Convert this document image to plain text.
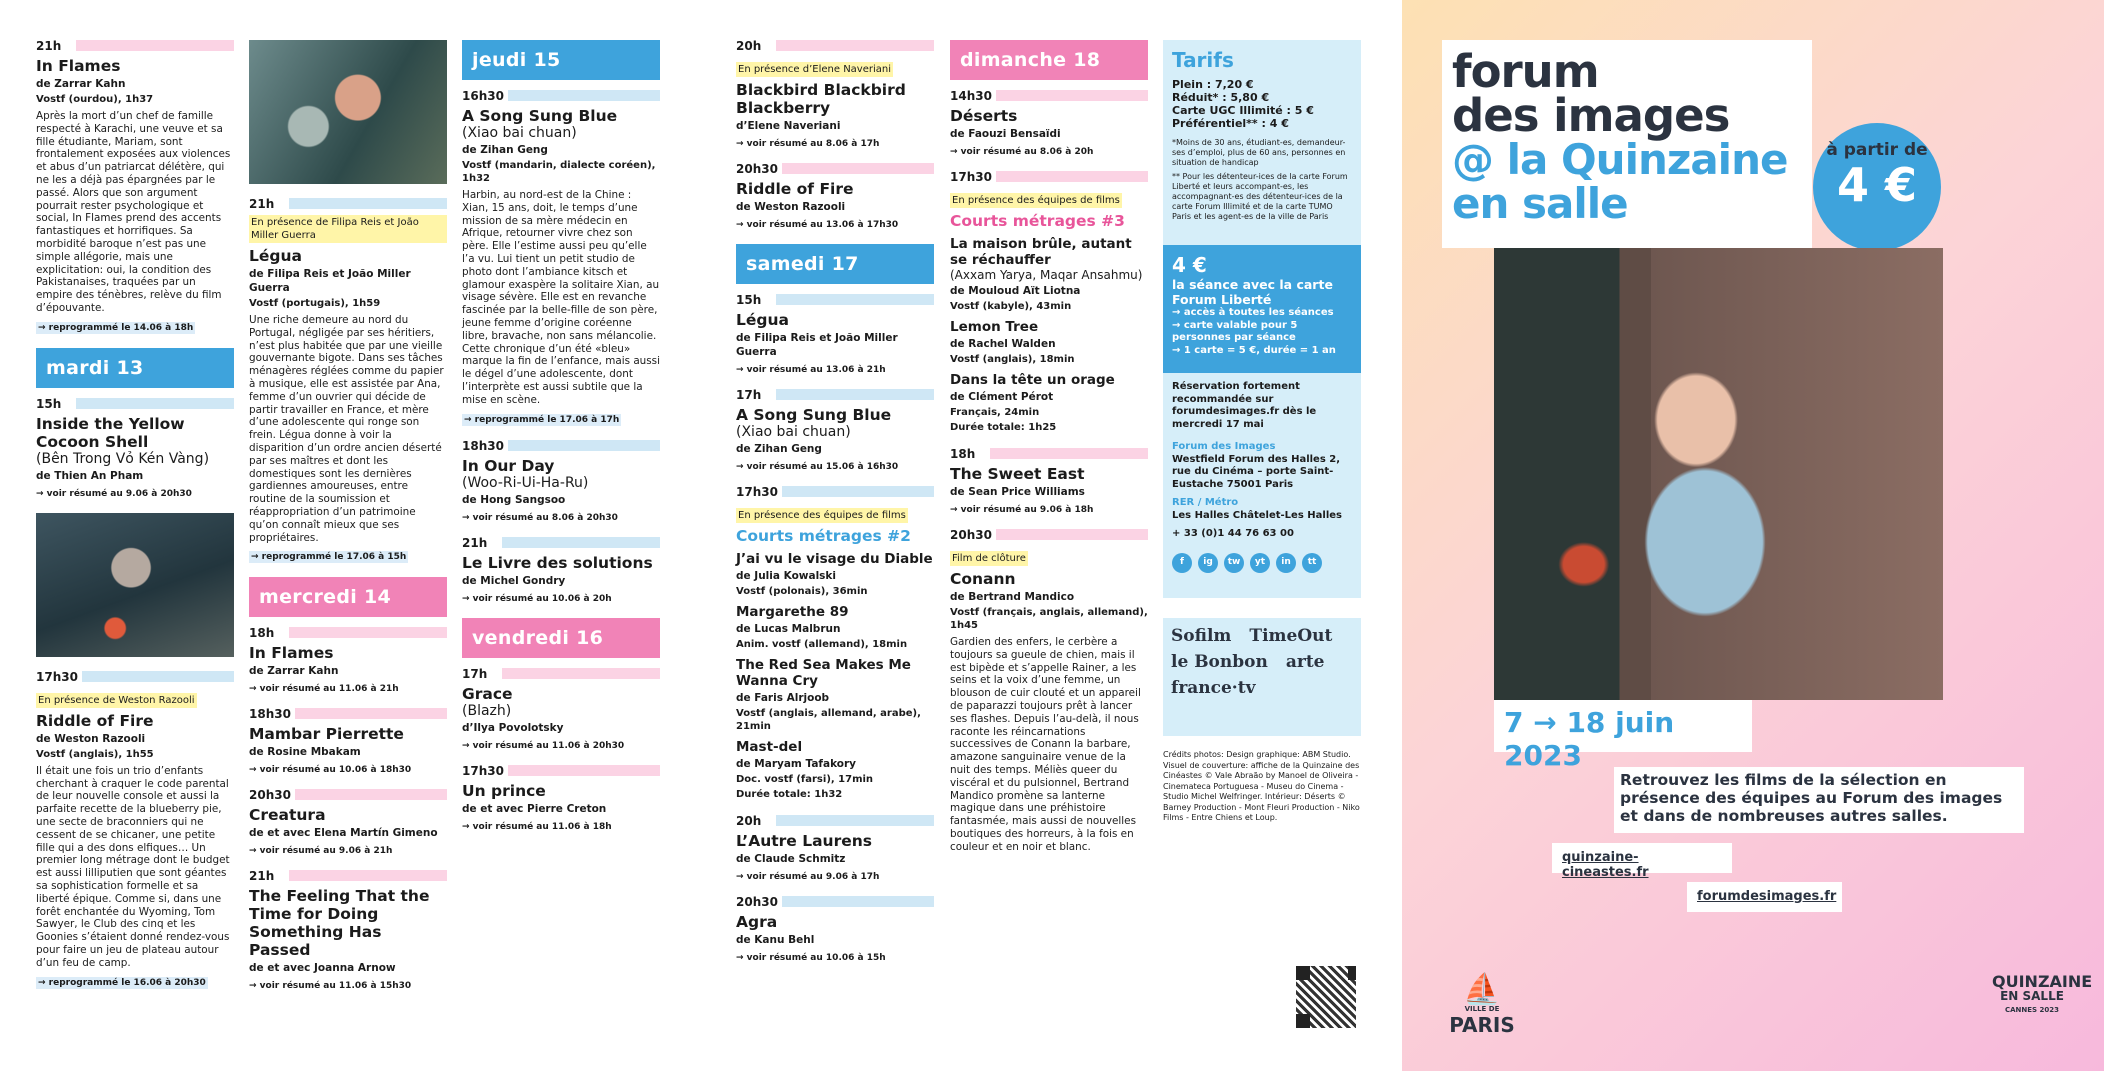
21h
In Flames
de Zarrar Kahn
Vostf (ourdou), 1h37
Après la mort d’un chef de famille respecté à Karachi, une veuve et sa fille étudiante, Mariam, sont frontalement exposées aux violences et abus d’un patriarcat délétère, qui ne les a déjà pas épargnées par le passé. Alors que son argument pourrait rester psychologique et social, In Flames prend des accents fantastiques et horrifiques. Sa morbidité baroque n’est pas une simple allégorie, mais une explicitation: oui, la condition des Pakistanaises, traquées par un empire des ténèbres, relève du film d’épouvante.
→ reprogrammé le 14.06 à 18h
mardi 13
15h
Inside the Yellow Cocoon Shell
(Bên Trong Vỏ Kén Vàng)
de Thien An Pham
→ voir résumé au 9.06 à 20h30
17h30
En présence de Weston Razooli
Riddle of Fire
de Weston Razooli
Vostf (anglais), 1h55
Il était une fois un trio d’enfants cherchant à craquer le code parental de leur nouvelle console et aussi la parfaite recette de la blueberry pie, une secte de braconniers qui ne cessent de se chicaner, une petite fille qui a des dons elfiques… Un premier long métrage dont le budget est aussi lilliputien que sont géantes sa sophistication formelle et sa liberté épique. Comme si, dans une forêt enchantée du Wyoming, Tom Sawyer, le Club des cinq et les Goonies s’étaient donné rendez-vous pour faire un jeu de plateau autour d’un feu de camp.
→ reprogrammé le 16.06 à 20h30
21h
En présence de Filipa Reis et João Miller Guerra
Légua
de Filipa Reis et João Miller Guerra
Vostf (portugais), 1h59
Une riche demeure au nord du Portugal, négligée par ses héritiers, n’est plus habitée que par une vieille gouvernante bigote. Dans ses tâches ménagères réglées comme du papier à musique, elle est assistée par Ana, femme d’un ouvrier qui décide de partir travailler en France, et mère d’une adolescente qui ronge son frein. Légua donne à voir la disparition d’un ordre ancien déserté par ses maîtres et dont les domestiques sont les dernières gardiennes amoureuses, entre routine de la soumission et réappropriation d’un patrimoine qu’on connaît mieux que ses propriétaires.
→ reprogrammé le 17.06 à 15h
mercredi 14
18h
In Flames
de Zarrar Kahn
→ voir résumé au 11.06 à 21h
18h30
Mambar Pierrette
de Rosine Mbakam
→ voir résumé au 10.06 à 18h30
20h30
Creatura
de et avec Elena Martín Gimeno
→ voir résumé au 9.06 à 21h
21h
The Feeling That the Time for Doing Something Has Passed
de et avec Joanna Arnow
→ voir résumé au 11.06 à 15h30
jeudi 15
16h30
A Song Sung Blue
(Xiao bai chuan)
de Zihan Geng
Vostf (mandarin, dialecte coréen), 1h32
Harbin, au nord-est de la Chine : Xian, 15 ans, doit, le temps d’une mission de sa mère médecin en Afrique, retourner vivre chez son père. Elle l’estime aussi peu qu’elle l’a vu. Lui tient un petit studio de photo dont l’ambiance kitsch et glamour exaspère la solitaire Xian, au visage sévère. Elle est en revanche fascinée par la belle-fille de son père, jeune femme d’origine coréenne libre, bravache, non sans mélancolie. Cette chronique d’un été «bleu» marque la fin de l’enfance, mais aussi le dégel d’une adolescente, dont l’interprète est aussi subtile que la mise en scène.
→ reprogrammé le 17.06 à 17h
18h30
In Our Day
(Woo-Ri-Ui-Ha-Ru)
de Hong Sangsoo
→ voir résumé au 8.06 à 20h30
21h
Le Livre des solutions
de Michel Gondry
→ voir résumé au 10.06 à 20h
vendredi 16
17h
Grace
(Blazh)
d’Ilya Povolotsky
→ voir résumé au 11.06 à 20h30
17h30
Un prince
de et avec Pierre Creton
→ voir résumé au 11.06 à 18h
20h
En présence d’Elene Naveriani
Blackbird Blackbird Blackberry
d’Elene Naveriani
→ voir résumé au 8.06 à 17h
20h30
Riddle of Fire
de Weston Razooli
→ voir résumé au 13.06 à 17h30
samedi 17
15h
Légua
de Filipa Reis et João Miller Guerra
→ voir résumé au 13.06 à 21h
17h
A Song Sung Blue
(Xiao bai chuan)
de Zihan Geng
→ voir résumé au 15.06 à 16h30
17h30
En présence des équipes de films
Courts métrages #2
J’ai vu le visage du Diable
de Julia Kowalski
Vostf (polonais), 36min
Margarethe 89
de Lucas Malbrun
Anim. vostf (allemand), 18min
The Red Sea Makes Me Wanna Cry
de Faris Alrjoob
Vostf (anglais, allemand, arabe), 21min
Mast-del
de Maryam Tafakory
Doc. vostf (farsi), 17min
Durée totale: 1h32
20h
L’Autre Laurens
de Claude Schmitz
→ voir résumé au 9.06 à 17h
20h30
Agra
de Kanu Behl
→ voir résumé au 10.06 à 15h
dimanche 18
14h30
Déserts
de Faouzi Bensaïdi
→ voir résumé au 8.06 à 20h
17h30
En présence des équipes de films
Courts métrages #3
La maison brûle, autant se réchauffer
(Axxam Yarya, Maqar Ansahmu)
de Mouloud Aït Liotna
Vostf (kabyle), 43min
Lemon Tree
de Rachel Walden
Vostf (anglais), 18min
Dans la tête un orage
de Clément Pérot
Français, 24min
Durée totale: 1h25
18h
The Sweet East
de Sean Price Williams
→ voir résumé au 9.06 à 18h
20h30
Film de clôture
Conann
de Bertrand Mandico
Vostf (français, anglais, allemand), 1h45
Gardien des enfers, le cerbère a toujours sa gueule de chien, mais il est bipède et s’appelle Rainer, a les seins et la voix d’une femme, un blouson de cuir clouté et un appareil de paparazzi toujours prêt à lancer ses flashes. Depuis l’au-delà, il nous raconte les réincarnations successives de Conann la barbare, amazone sanguinaire venue de la nuit des temps. Méliès queer du viscéral et du pulsionnel, Bertrand Mandico promène sa lanterne magique dans une préhistoire fantasmée, mais aussi de nouvelles boutiques des horreurs, à la fois en couleur et en noir et blanc.
Tarifs
Plein : 7,20 €
Réduit* : 5,80 €
Carte UGC Illimité : 5 €
Préférentiel** : 4 €
*Moins de 30 ans, étudiant-es, demandeur-ses d’emploi, plus de 60 ans, personnes en situation de handicap
** Pour les détenteur-ices de la carte Forum Liberté et leurs accompant-es, les accompagnant-es des détenteur-ices de la carte Forum Illimité et de la carte TUMO Paris et les agent-es de la ville de Paris
4 €
la séance avec la carte Forum Liberté
→ accès à toutes les séances
→ carte valable pour 5 personnes par séance
→ 1 carte = 5 €, durée = 1 an
Réservation fortement recommandée sur forumdesimages.fr dès le mercredi 17 mai
Forum des Images
Westfield Forum des Halles 2, rue du Cinéma – porte Saint-Eustache 75001 Paris
RER / Métro
Les Halles Châtelet-Les Halles
+ 33 (0)1 44 76 63 00
f	ig	tw	yt	in	tt
Sofilm TimeOut
le Bonbon arte
france·tv
Crédits photos: Design graphique: ABM Studio. Visuel de couverture: affiche de la Quinzaine des Cinéastes © Vale Abraão by Manoel de Oliveira - Cinemateca Portuguesa - Museu do Cinema - Studio Michel Welfringer. Intérieur: Déserts © Barney Production - Mont Fleuri Production - Niko Films - Entre Chiens et Loup.
forum
des images
@ la Quinzaine
en salle
à partir de
4 €
7 → 18 juin 2023
Retrouvez les films de la sélection en présence des équipes au Forum des images et dans de nombreuses autres salles.
quinzaine-cineastes.fr
forumdesimages.fr
⛵
VILLE DE
PARIS
QUINZAINE
EN SALLE
CANNES 2023
